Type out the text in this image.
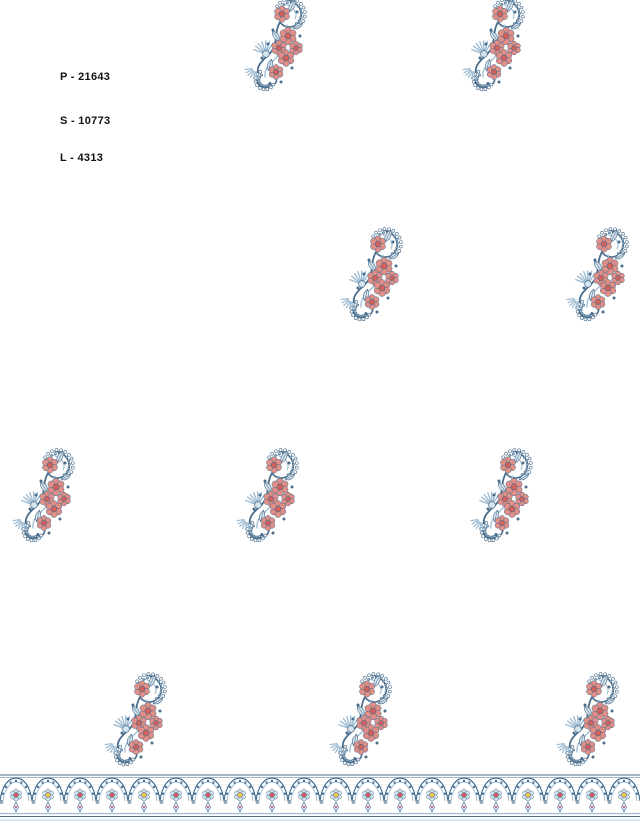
P - 21643
S - 10773
L - 4313
